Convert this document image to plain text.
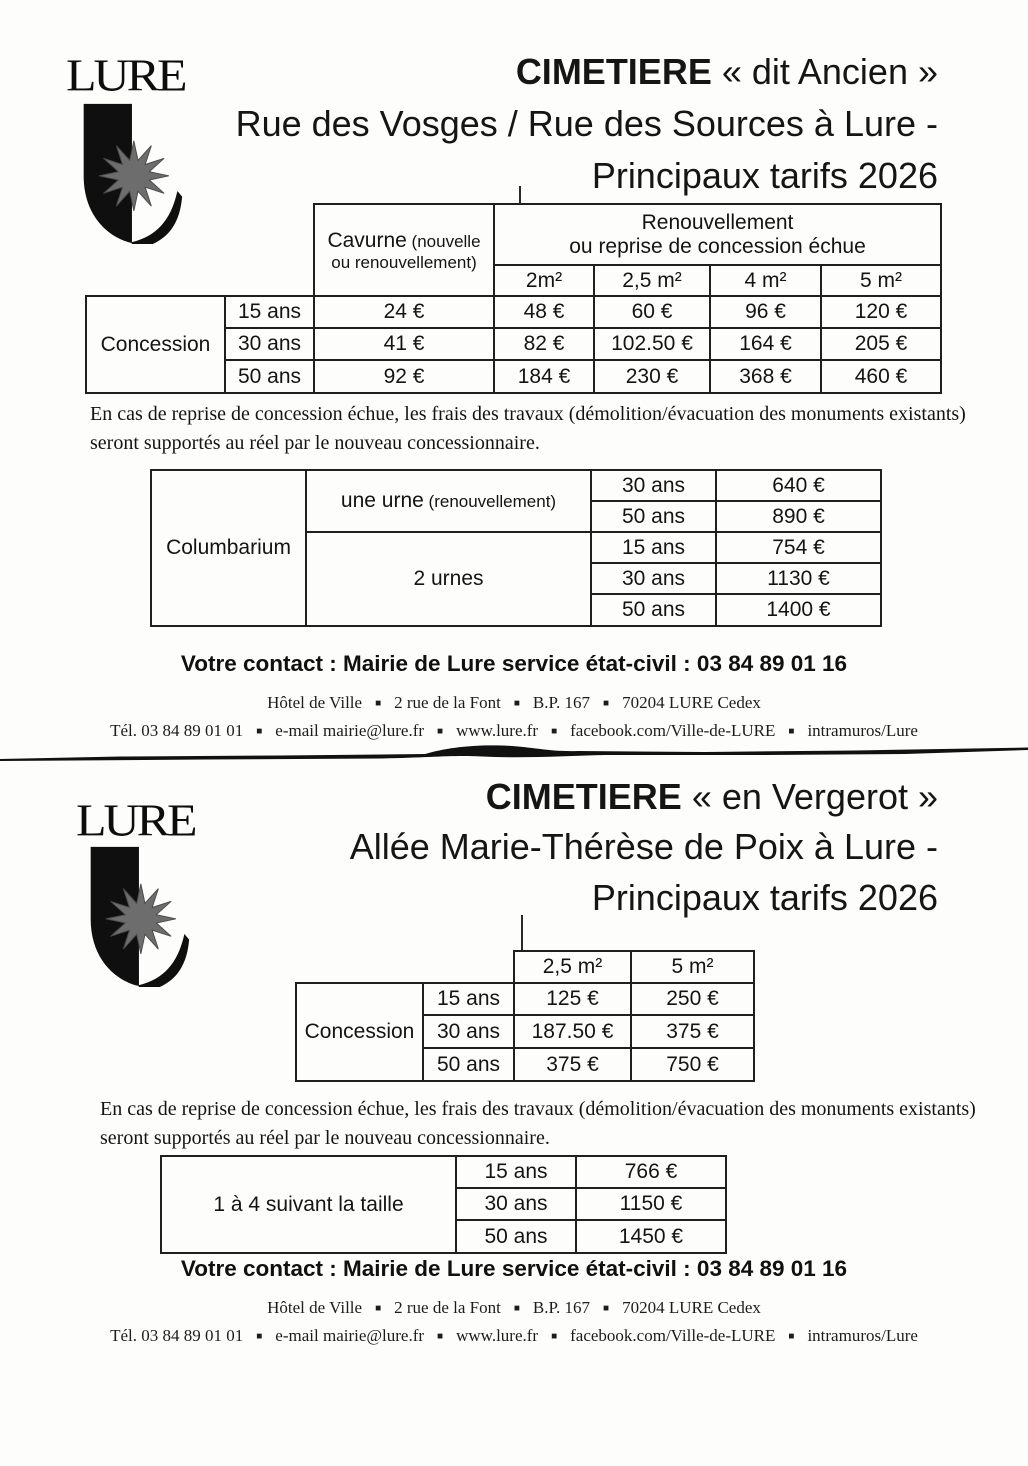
LURE	CIMETIERE « dit Ancien »
Rue des Vosges / Rue des Sources à Lure -
Principaux tarifs 2026
	Cavurne (nouvelle
ou renouvellement)

Renouvellement
ou reprise de concession échue

			2m²	2,5 m²	4 m²	5 m²
Concession	15 ans	24 €	48 €	60 €	96 €	120 €
	30 ans	41 €	82 €	102.50 €	164 €	205 €
	50 ans	92 €	184 €	230 €	368 €	460 €
En cas de reprise de concession échue, les frais des travaux (démolition/évacuation des monuments existants)
seront supportés au réel par le nouveau concessionnaire.
Columbarium	une urne (renouvellement)	30 ans	640 €
		50 ans	890 €
	2 urnes	15 ans	754 €
		30 ans	1130 €
		50 ans	1400 €
Votre contact : Mairie de Lure service état-civil : 03 84 89 01 16
Hôtel de Ville ■ 2 rue de la Font ■ B.P. 167 ■ 70204 LURE Cedex
Tél. 03 84 89 01 01 ■ e-mail mairie@lure.fr ■ www.lure.fr ■ facebook.com/Ville-de-LURE ■ intramuros/Lure
LURE	CIMETIERE « en Vergerot »
Allée Marie-Thérèse de Poix à Lure -
Principaux tarifs 2026
		2,5 m²	5 m²
Concession	15 ans	125 €	250 €
	30 ans	187.50 €	375 €
	50 ans	375 €	750 €
En cas de reprise de concession échue, les frais des travaux (démolition/évacuation des monuments existants)
seront supportés au réel par le nouveau concessionnaire.
1 à 4 suivant la taille	15 ans	766 €
	30 ans	1150 €
	50 ans	1450 €
Votre contact : Mairie de Lure service état-civil : 03 84 89 01 16
Hôtel de Ville ■ 2 rue de la Font ■ B.P. 167 ■ 70204 LURE Cedex
Tél. 03 84 89 01 01 ■ e-mail mairie@lure.fr ■ www.lure.fr ■ facebook.com/Ville-de-LURE ■ intramuros/Lure
